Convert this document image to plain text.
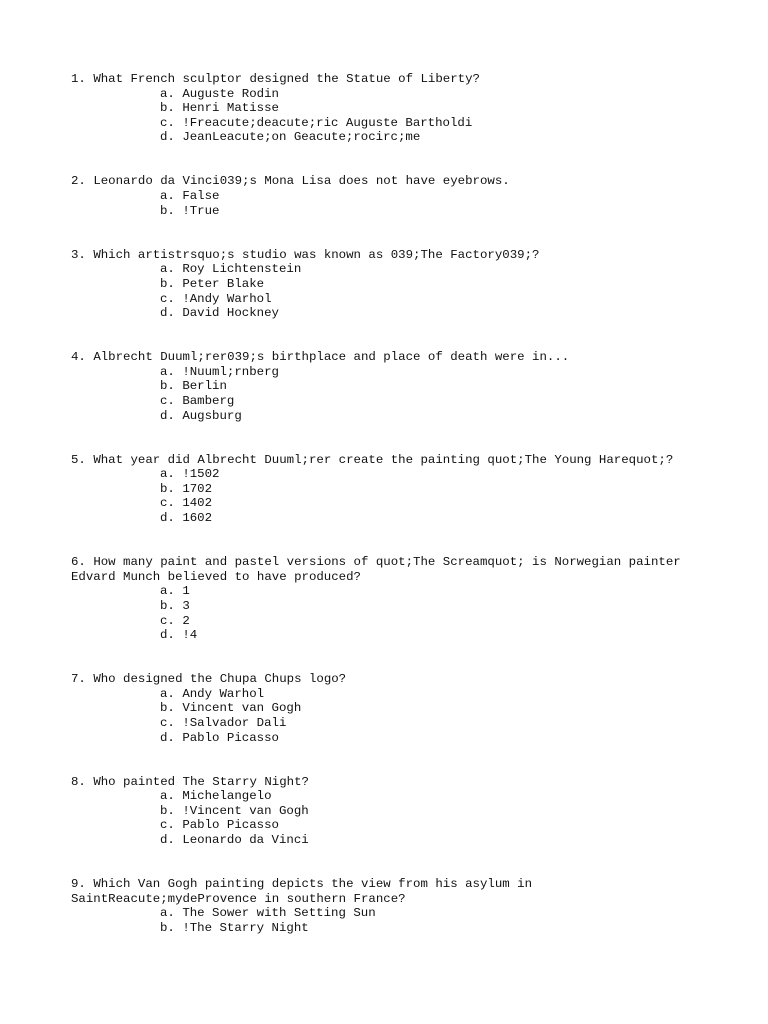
1. What French sculptor designed the Statue of Liberty?

a. Auguste Rodin
b. Henri Matisse
c. !Freacute;deacute;ric Auguste Bartholdi
d. JeanLeacute;on Geacute;rocirc;me

2. Leonardo da Vinci039;s Mona Lisa does not have eyebrows.

a. False
b. !True

3. Which artistrsquo;s studio was known as 039;The Factory039;?

a. Roy Lichtenstein
b. Peter Blake
c. !Andy Warhol
d. David Hockney

4. Albrecht Duuml;rer039;s birthplace and place of death were in...

a. !Nuuml;rnberg
b. Berlin
c. Bamberg
d. Augsburg

5. What year did Albrecht Duuml;rer create the painting quot;The Young Harequot;?

a. !1502
b. 1702
c. 1402
d. 1602

6. How many paint and pastel versions of quot;The Screamquot; is Norwegian painter Edvard Munch believed to have produced?

a. 1
b. 3
c. 2
d. !4

7. Who designed the Chupa Chups logo?

a. Andy Warhol
b. Vincent van Gogh
c. !Salvador Dali
d. Pablo Picasso

8. Who painted The Starry Night?

a. Michelangelo
b. !Vincent van Gogh
c. Pablo Picasso
d. Leonardo da Vinci

9. Which Van Gogh painting depicts the view from his asylum in SaintReacute;mydeProvence in southern France?

a. The Sower with Setting Sun
b. !The Starry Night
